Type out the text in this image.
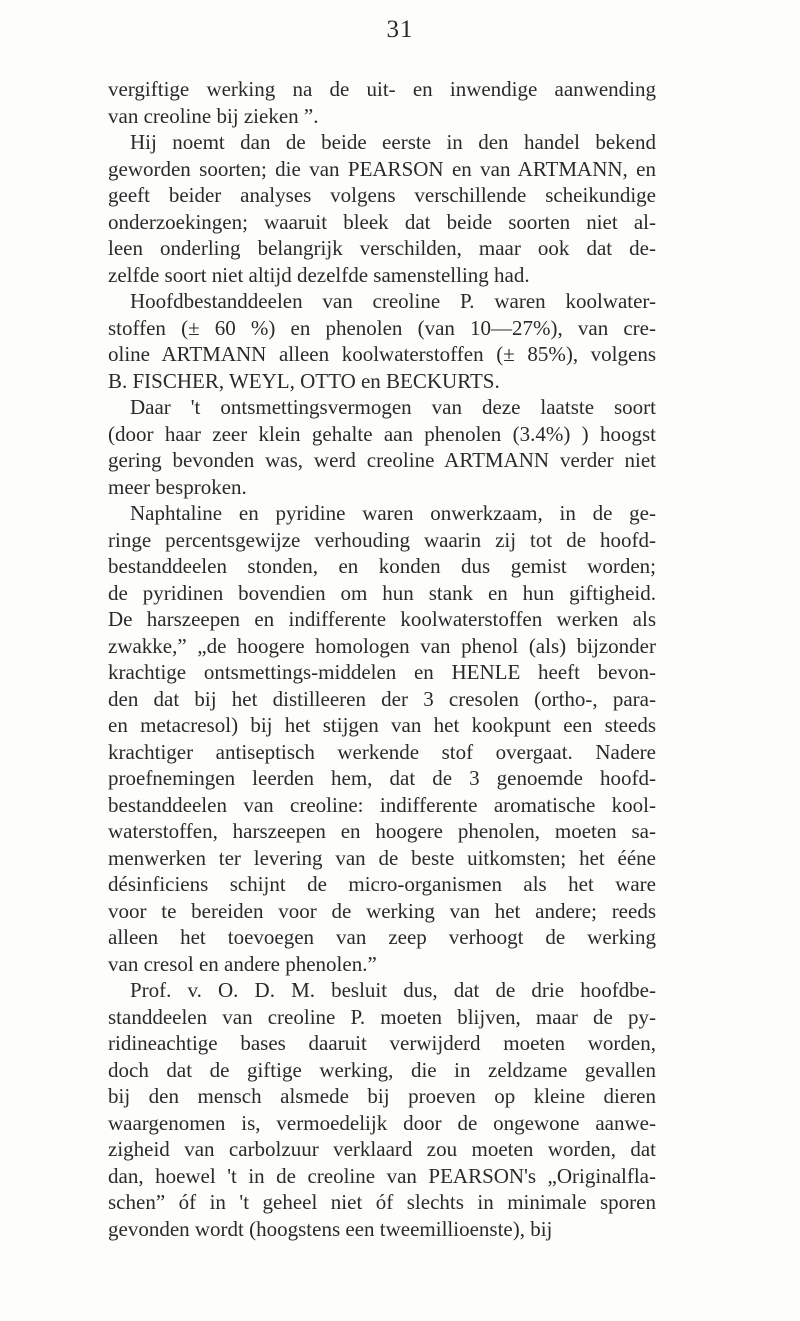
31
vergiftige werking na de uit- en inwendige aanwending
van creoline bij zieken ”.
Hij noemt dan de beide eerste in den handel bekend
geworden soorten; die van PEARSON en van ARTMANN, en
geeft beider analyses volgens verschillende scheikundige
onderzoekingen; waaruit bleek dat beide soorten niet al-
leen onderling belangrijk verschilden, maar ook dat de-
zelfde soort niet altijd dezelfde samenstelling had.
Hoofdbestanddeelen van creoline P. waren koolwater-
stoffen (± 60 %) en phenolen (van 10—27%), van cre-
oline ARTMANN alleen koolwaterstoffen (± 85%), volgens
B. FISCHER, WEYL, OTTO en BECKURTS.
Daar 't ontsmettingsvermogen van deze laatste soort
(door haar zeer klein gehalte aan phenolen (3.4%) ) hoogst
gering bevonden was, werd creoline ARTMANN verder niet
meer besproken.
Naphtaline en pyridine waren onwerkzaam, in de ge-
ringe percentsgewijze verhouding waarin zij tot de hoofd-
bestanddeelen stonden, en konden dus gemist worden;
de pyridinen bovendien om hun stank en hun giftigheid.
De harszeepen en indifferente koolwaterstoffen werken als
zwakke,” „de hoogere homologen van phenol (als) bijzonder
krachtige ontsmettings-middelen en HENLE heeft bevon-
den dat bij het distilleeren der 3 cresolen (ortho-, para-
en metacresol) bij het stijgen van het kookpunt een steeds
krachtiger antiseptisch werkende stof overgaat. Nadere
proefnemingen leerden hem, dat de 3 genoemde hoofd-
bestanddeelen van creoline: indifferente aromatische kool-
waterstoffen, harszeepen en hoogere phenolen, moeten sa-
menwerken ter levering van de beste uitkomsten; het ééne
désinficiens schijnt de micro-organismen als het ware
voor te bereiden voor de werking van het andere; reeds
alleen het toevoegen van zeep verhoogt de werking
van cresol en andere phenolen.”
Prof. v. O. D. M. besluit dus, dat de drie hoofdbe-
standdeelen van creoline P. moeten blijven, maar de py-
ridineachtige bases daaruit verwijderd moeten worden,
doch dat de giftige werking, die in zeldzame gevallen
bij den mensch alsmede bij proeven op kleine dieren
waargenomen is, vermoedelijk door de ongewone aanwe-
zigheid van carbolzuur verklaard zou moeten worden, dat
dan, hoewel 't in de creoline van PEARSON's „Originalfla-
schen” óf in 't geheel niet óf slechts in minimale sporen
gevonden wordt (hoogstens een tweemillioenste), bij
